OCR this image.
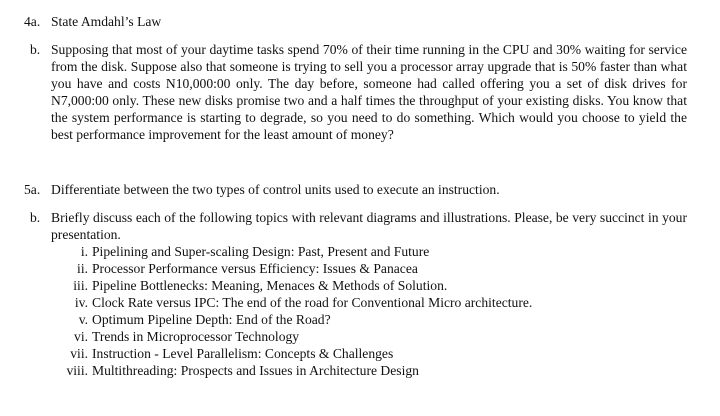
4a. State Amdahl’s Law
b. Supposing that most of your daytime tasks spend 70% of their time running in the CPU and 30% waiting for service from the disk. Suppose also that someone is trying to sell you a processor array upgrade that is 50% faster than what you have and costs N10,000:00 only. The day before, someone had called offering you a set of disk drives for N7,000:00 only. These new disks promise two and a half times the throughput of your existing disks. You know that the system performance is starting to degrade, so you need to do something. Which would you choose to yield the best performance improvement for the least amount of money?
5a. Differentiate between the two types of control units used to execute an instruction.
b. Briefly discuss each of the following topics with relevant diagrams and illustrations. Please, be very succinct in your presentation.
i. Pipelining and Super-scaling Design: Past, Present and Future
ii. Processor Performance versus Efficiency: Issues & Panacea
iii. Pipeline Bottlenecks: Meaning, Menaces & Methods of Solution.
iv. Clock Rate versus IPC: The end of the road for Conventional Micro architecture.
v. Optimum Pipeline Depth: End of the Road?
vi. Trends in Microprocessor Technology
vii. Instruction - Level Parallelism: Concepts & Challenges
viii. Multithreading: Prospects and Issues in Architecture Design
